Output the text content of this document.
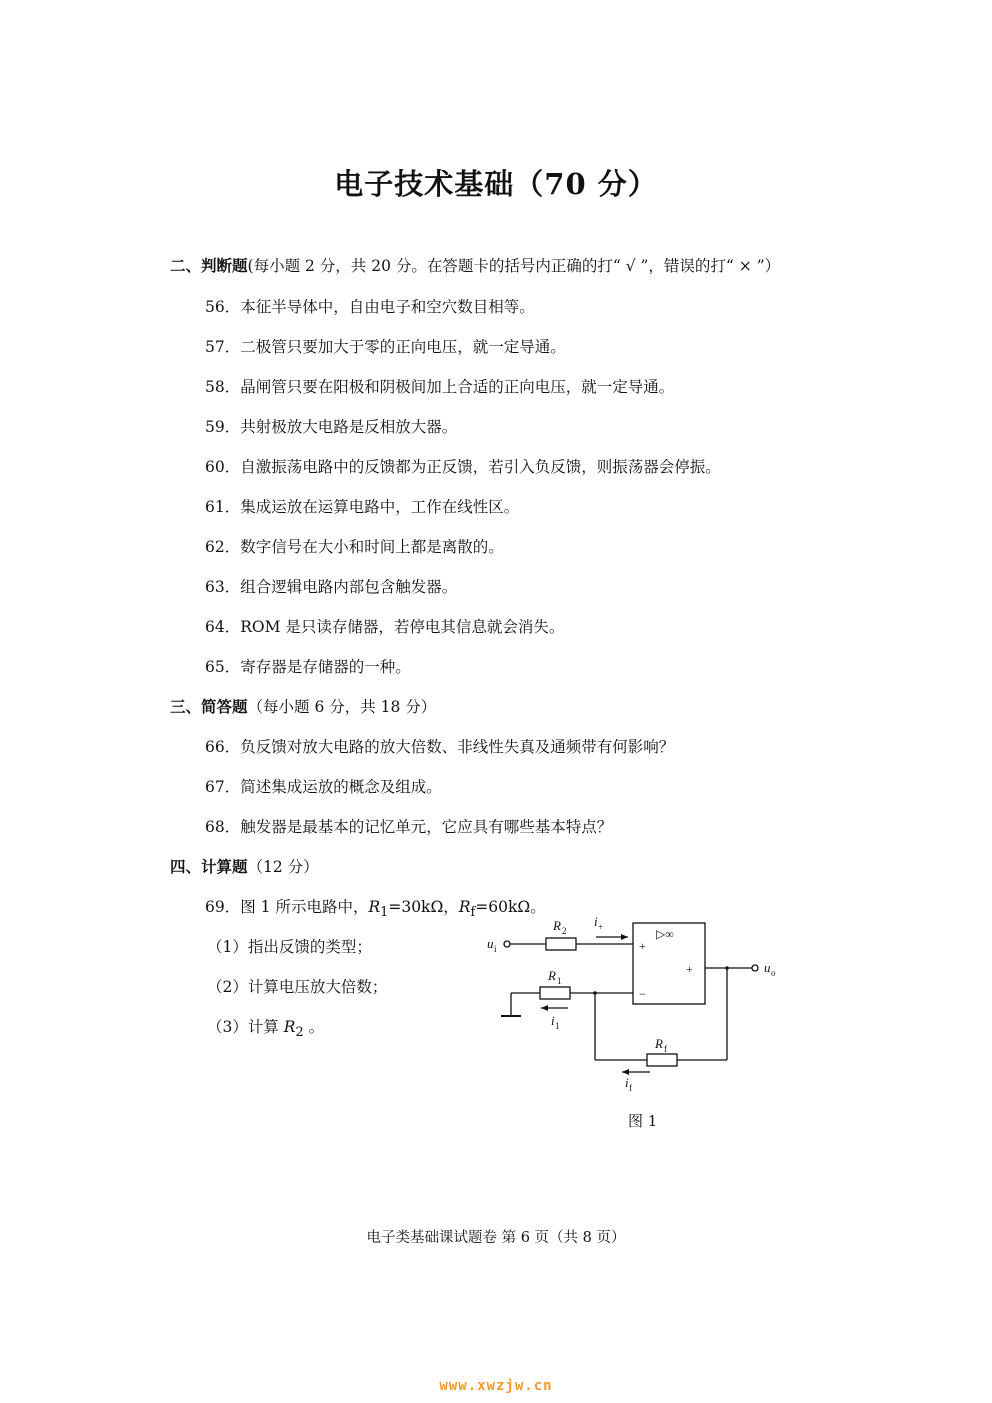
电子技术基础（70 分）
二、判断题(每小题 2 分，共 20 分。在答题卡的括号内正确的打“ √ ”，错误的打“ × ”）
56．本征半导体中，自由电子和空穴数目相等。
57．二极管只要加大于零的正向电压，就一定导通。
58．晶闸管只要在阳极和阴极间加上合适的正向电压，就一定导通。
59．共射极放大电路是反相放大器。
60．自激振荡电路中的反馈都为正反馈，若引入负反馈，则振荡器会停振。
61．集成运放在运算电路中，工作在线性区。
62．数字信号在大小和时间上都是离散的。
63．组合逻辑电路内部包含触发器。
64．ROM 是只读存储器，若停电其信息就会消失。
65．寄存器是存储器的一种。
三、简答题（每小题 6 分，共 18 分）
66．负反馈对放大电路的放大倍数、非线性失真及通频带有何影响？
67．简述集成运放的概念及组成。
68．触发器是最基本的记忆单元，它应具有哪些基本特点？
四、计算题（12 分）
69．图 1 所示电路中，$R_1=30k\Omega$，$R_f=60k\Omega$。
（1）指出反馈的类型；
（2）计算电压放大倍数；
（3）计算 $R_2$ 。
u i
u o
R 2
R 1
R f
i +
i 1
i f
▷∞
+
−
+
图 1
电子类基础课试题卷 第 6 页（共 8 页）
www.xwzjw.cn
